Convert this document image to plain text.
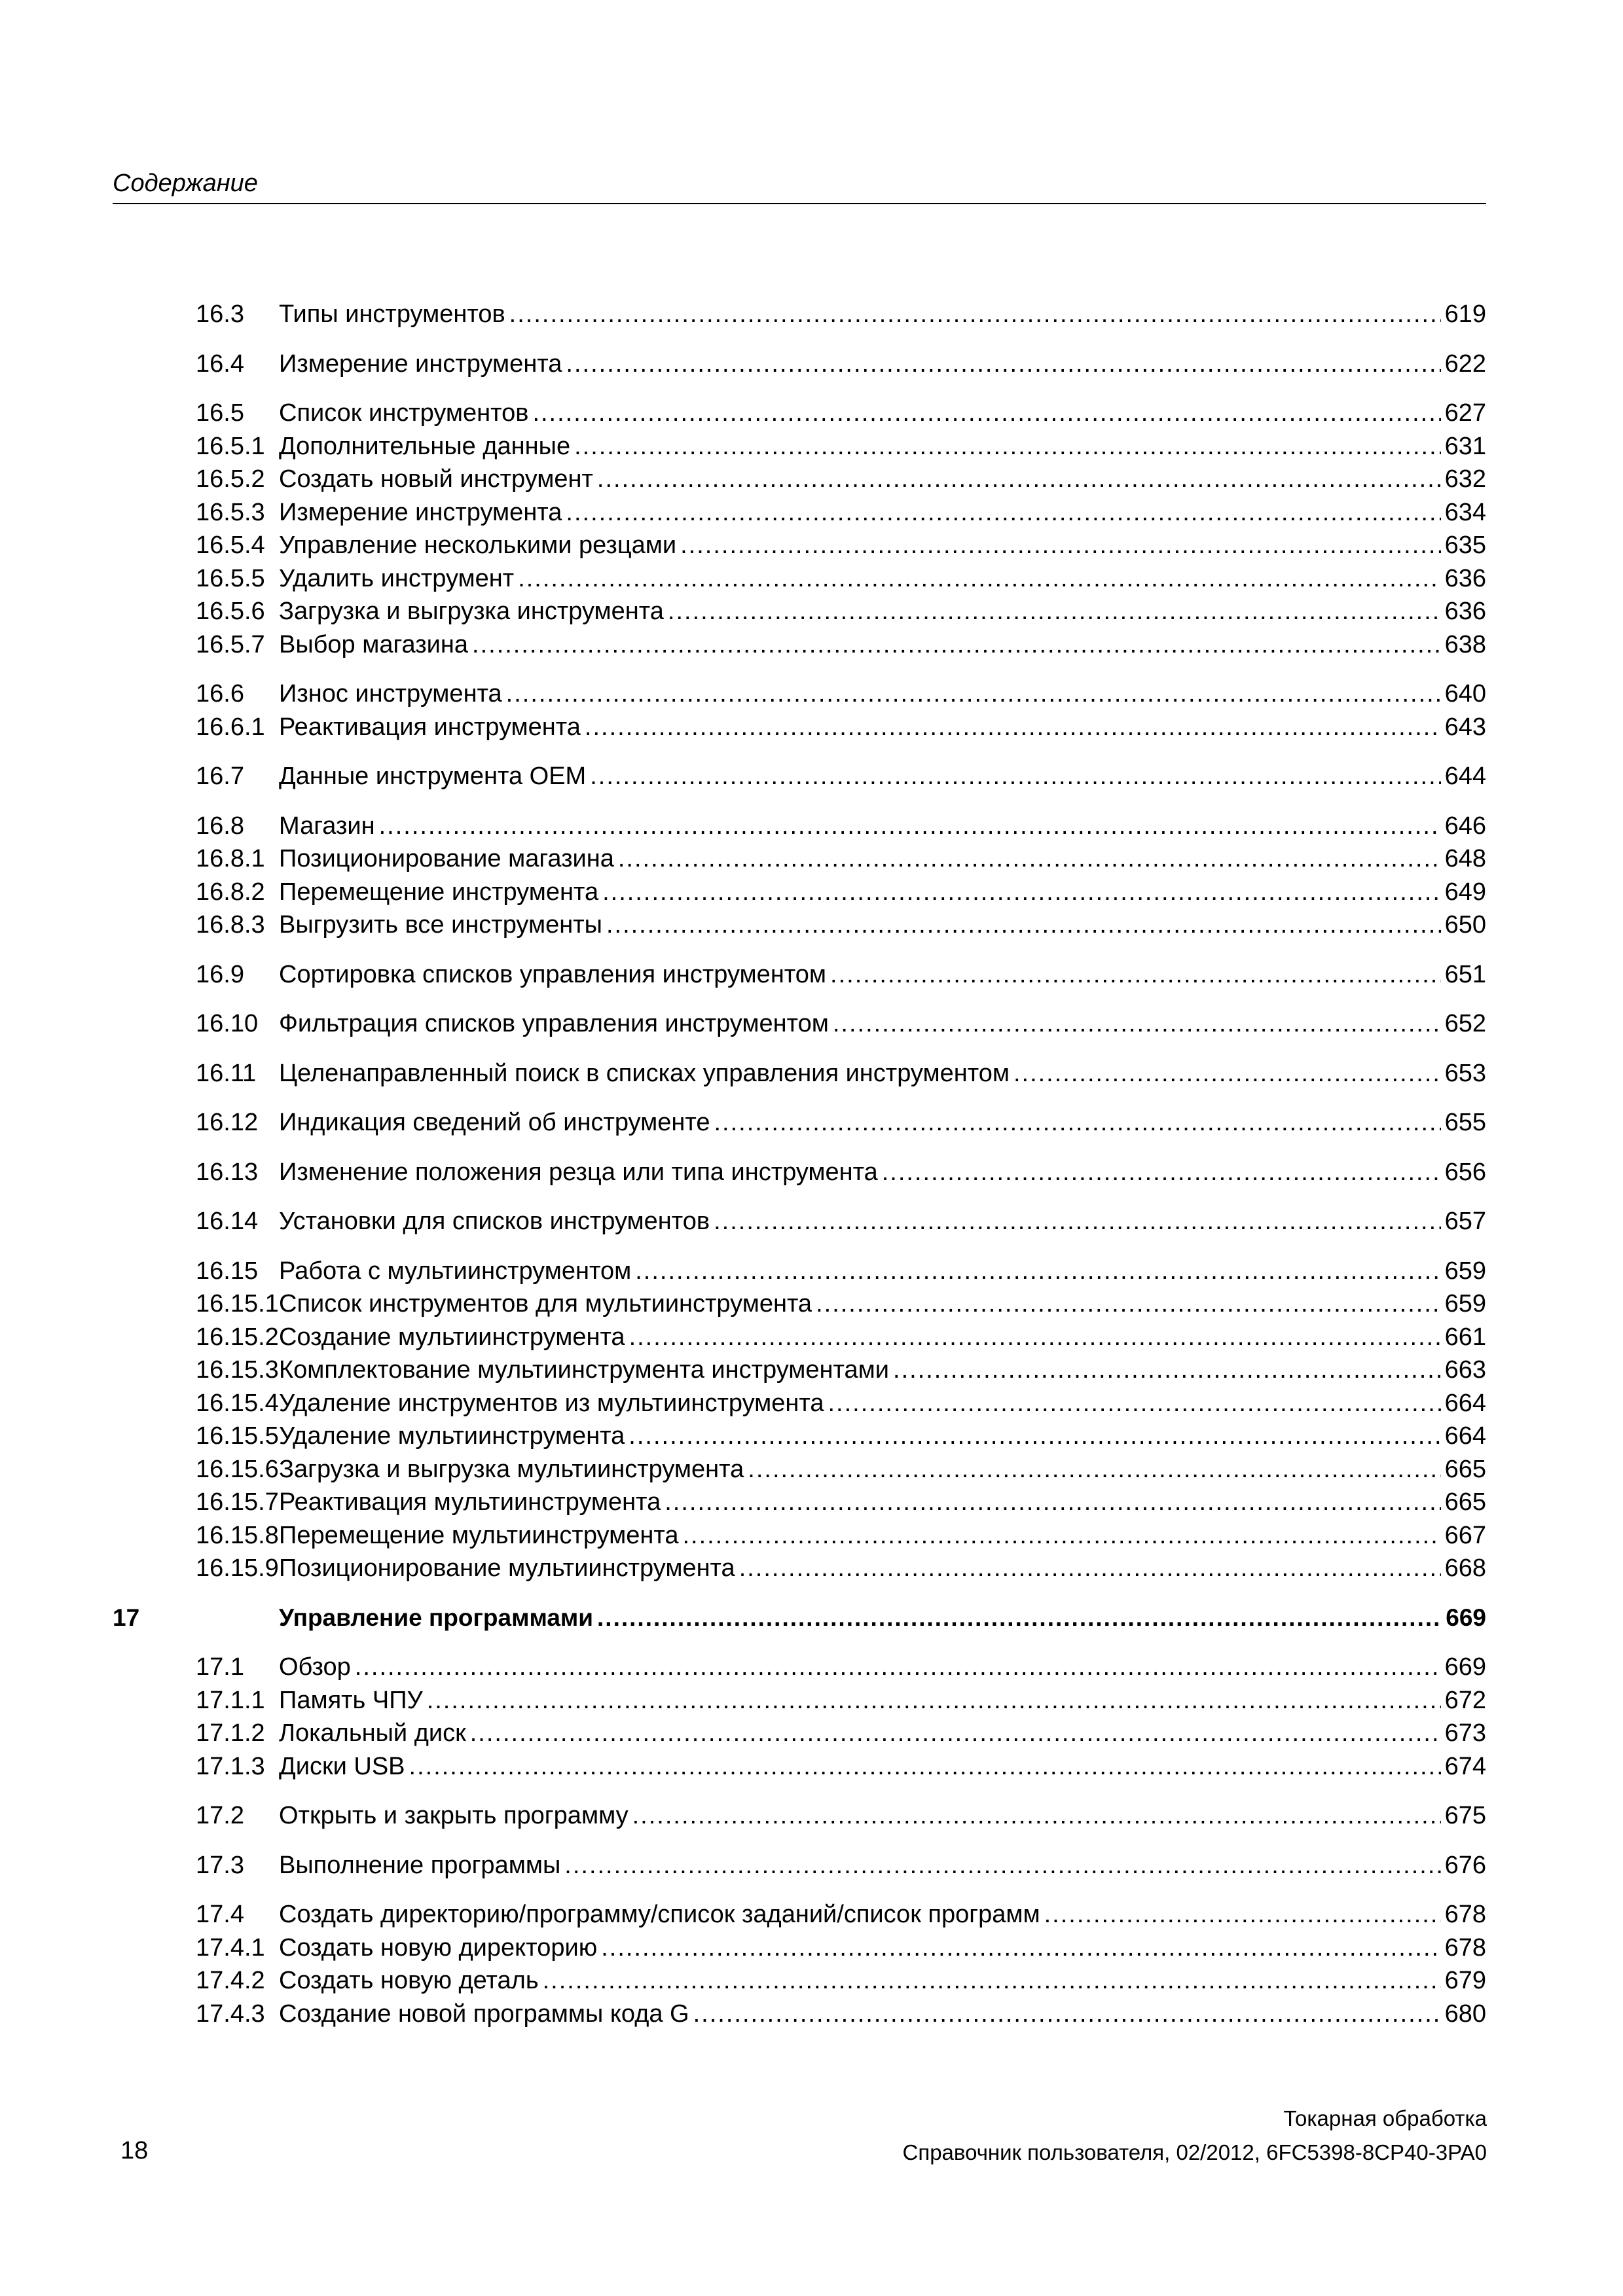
Содержание
16.3	Типы инструментов .....	619
16.4	Измерение инструмента .....	622
16.5	Список инструментов .....	627
16.5.1 Дополнительные данные .....	631
16.5.2 Создать новый инструмент .....	632
16.5.3 Измерение инструмента .....	634
16.5.4 Управление несколькими резцами .....	635
16.5.5 Удалить инструмент .....	636
16.5.6 Загрузка и выгрузка инструмента .....	636
16.5.7 Выбор магазина .....	638
16.6	Износ инструмента .....	640
16.6.1 Реактивация инструмента .....	643
16.7	Данные инструмента OEM .....	644
16.8	Магазин .....	646
16.8.1 Позиционирование магазина .....	648
16.8.2 Перемещение инструмента .....	649
16.8.3 Выгрузить все инструменты .....	650
16.9	Сортировка списков управления инструментом .....	651
16.10 Фильтрация списков управления инструментом .....	652
16.11 Целенаправленный поиск в списках управления инструментом .....	653
16.12 Индикация сведений об инструменте .....	655
16.13 Изменение положения резца или типа инструмента .....	656
16.14 Установки для списков инструментов .....	657
16.15 Работа с мультиинструментом .....	659
16.15.1 Список инструментов для мультиинструмента .....	659
16.15.2 Создание мультиинструмента .....	661
16.15.3 Комплектование мультиинструмента инструментами .....	663
16.15.4 Удаление инструментов из мультиинструмента .....	664
16.15.5 Удаление мультиинструмента .....	664
16.15.6 Загрузка и выгрузка мультиинструмента .....	665
16.15.7 Реактивация мультиинструмента .....	665
16.15.8 Перемещение мультиинструмента .....	667
16.15.9 Позиционирование мультиинструмента .....	668
17	Управление программами .....	669
17.1	Обзор .....	669
17.1.1 Память ЧПУ .....	672
17.1.2 Локальный диск .....	673
17.1.3 Диски USB .....	674
17.2	Открыть и закрыть программу .....	675
17.3	Выполнение программы .....	676
17.4	Создать директорию/программу/список заданий/список программ .....	678
17.4.1 Создать новую директорию .....	678
17.4.2 Создать новую деталь .....	679
17.4.3 Создание новой программы кода G .....	680
Токарная обработка
Справочник пользователя, 02/2012, 6FC5398-8CP40-3PA0
18
